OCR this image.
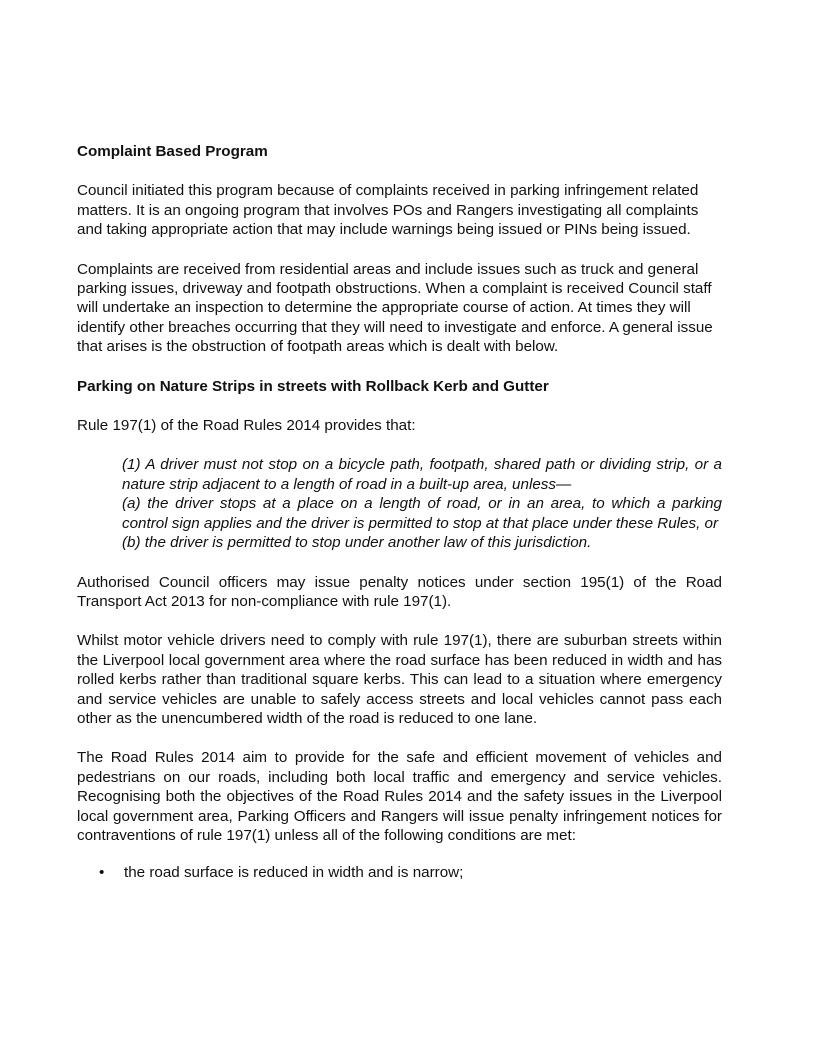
Complaint Based Program

Council initiated this program because of complaints received in parking infringement related matters. It is an ongoing program that involves POs and Rangers investigating all complaints and taking appropriate action that may include warnings being issued or PINs being issued.

Complaints are received from residential areas and include issues such as truck and general parking issues, driveway and footpath obstructions. When a complaint is received Council staff will undertake an inspection to determine the appropriate course of action. At times they will identify other breaches occurring that they will need to investigate and enforce. A general issue that arises is the obstruction of footpath areas which is dealt with below.

Parking on Nature Strips in streets with Rollback Kerb and Gutter

Rule 197(1) of the Road Rules 2014 provides that:

(1) A driver must not stop on a bicycle path, footpath, shared path or dividing strip, or a nature strip adjacent to a length of road in a built-up area, unless—

(a) the driver stops at a place on a length of road, or in an area, to which a parking control sign applies and the driver is permitted to stop at that place under these Rules, or

(b) the driver is permitted to stop under another law of this jurisdiction.

Authorised Council officers may issue penalty notices under section 195(1) of the Road Transport Act 2013 for non-compliance with rule 197(1).

Whilst motor vehicle drivers need to comply with rule 197(1), there are suburban streets within the Liverpool local government area where the road surface has been reduced in width and has rolled kerbs rather than traditional square kerbs. This can lead to a situation where emergency and service vehicles are unable to safely access streets and local vehicles cannot pass each other as the unencumbered width of the road is reduced to one lane.

The Road Rules 2014 aim to provide for the safe and efficient movement of vehicles and pedestrians on our roads, including both local traffic and emergency and service vehicles. Recognising both the objectives of the Road Rules 2014 and the safety issues in the Liverpool local government area, Parking Officers and Rangers will issue penalty infringement notices for contraventions of rule 197(1) unless all of the following conditions are met:

• the road surface is reduced in width and is narrow;
